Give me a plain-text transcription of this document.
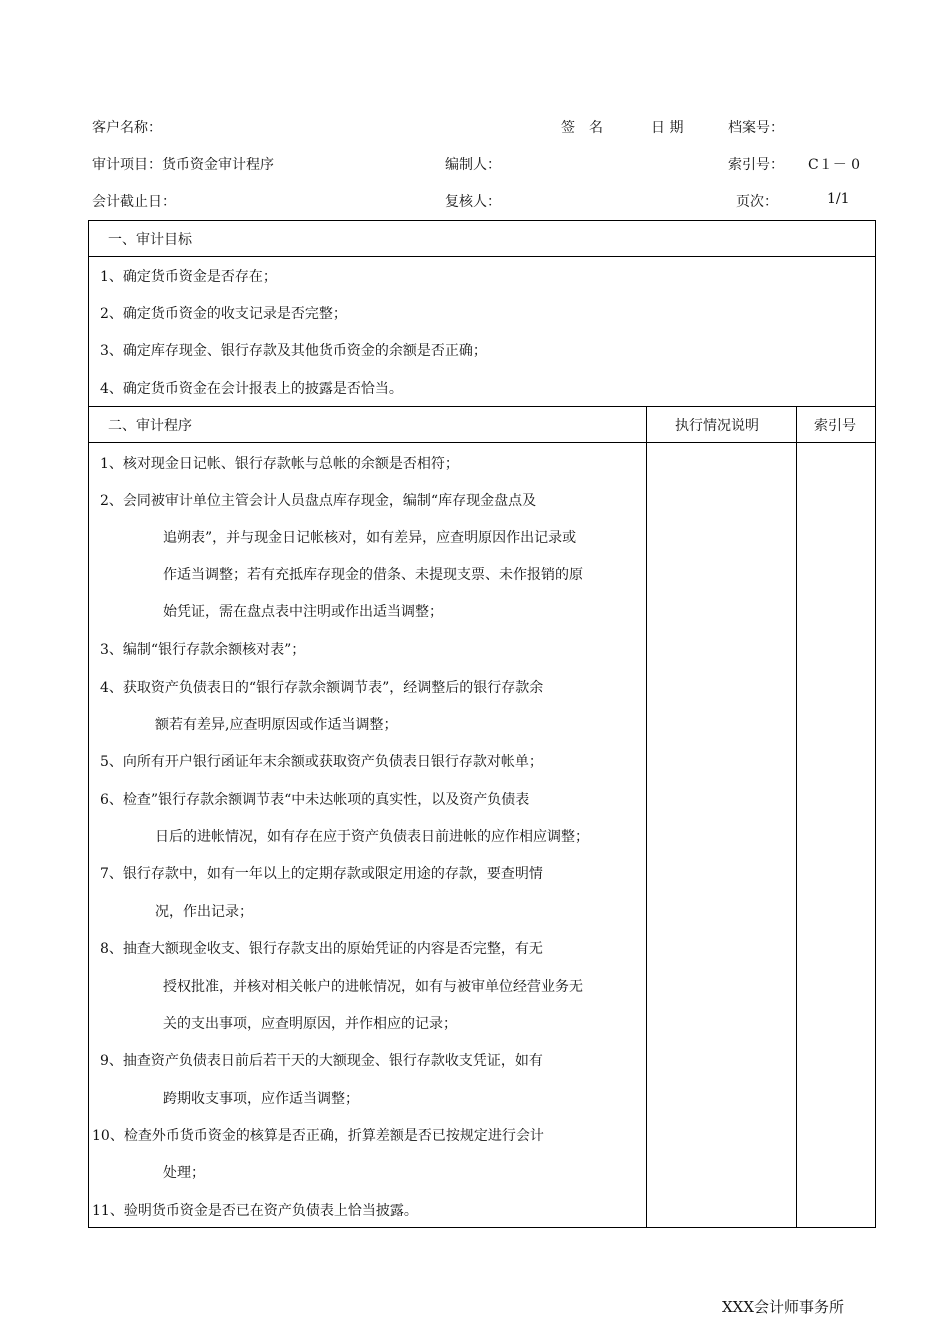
客户名称：	签　名	日 期	档案号：
审计项目：货币资金审计程序	编制人：	索引号： C１－ 0
会计截止日：	复核人：	页次：	1/1
一、审计目标
1、确定货币资金是否存在；
2、确定货币资金的收支记录是否完整；
3、确定库存现金、银行存款及其他货币资金的余额是否正确；
4、确定货币资金在会计报表上的披露是否恰当。
二、审计程序	执行情况说明	索引号
1、核对现金日记帐、银行存款帐与总帐的余额是否相符；
2、会同被审计单位主管会计人员盘点库存现金，编制“库存现金盘点及
追朔表”，并与现金日记帐核对，如有差异，应查明原因作出记录或
作适当调整；若有充抵库存现金的借条、未提现支票、未作报销的原
始凭证，需在盘点表中注明或作出适当调整；
3、编制“银行存款余额核对表”；
4、获取资产负债表日的“银行存款余额调节表”，经调整后的银行存款余
额若有差异,应查明原因或作适当调整；
5、向所有开户银行函证年末余额或获取资产负债表日银行存款对帐单；
6、检查”银行存款余额调节表“中未达帐项的真实性，以及资产负债表
日后的进帐情况，如有存在应于资产负债表日前进帐的应作相应调整；
7、银行存款中，如有一年以上的定期存款或限定用途的存款，要查明情
况，作出记录；
8、抽查大额现金收支、银行存款支出的原始凭证的内容是否完整，有无
授权批准，并核对相关帐户的进帐情况，如有与被审单位经营业务无
关的支出事项，应查明原因，并作相应的记录；
9、抽查资产负债表日前后若干天的大额现金、银行存款收支凭证，如有
跨期收支事项，应作适当调整；
10、检查外币货币资金的核算是否正确，折算差额是否已按规定进行会计
处理；
11、验明货币资金是否已在资产负债表上恰当披露。
XXX会计师事务所
